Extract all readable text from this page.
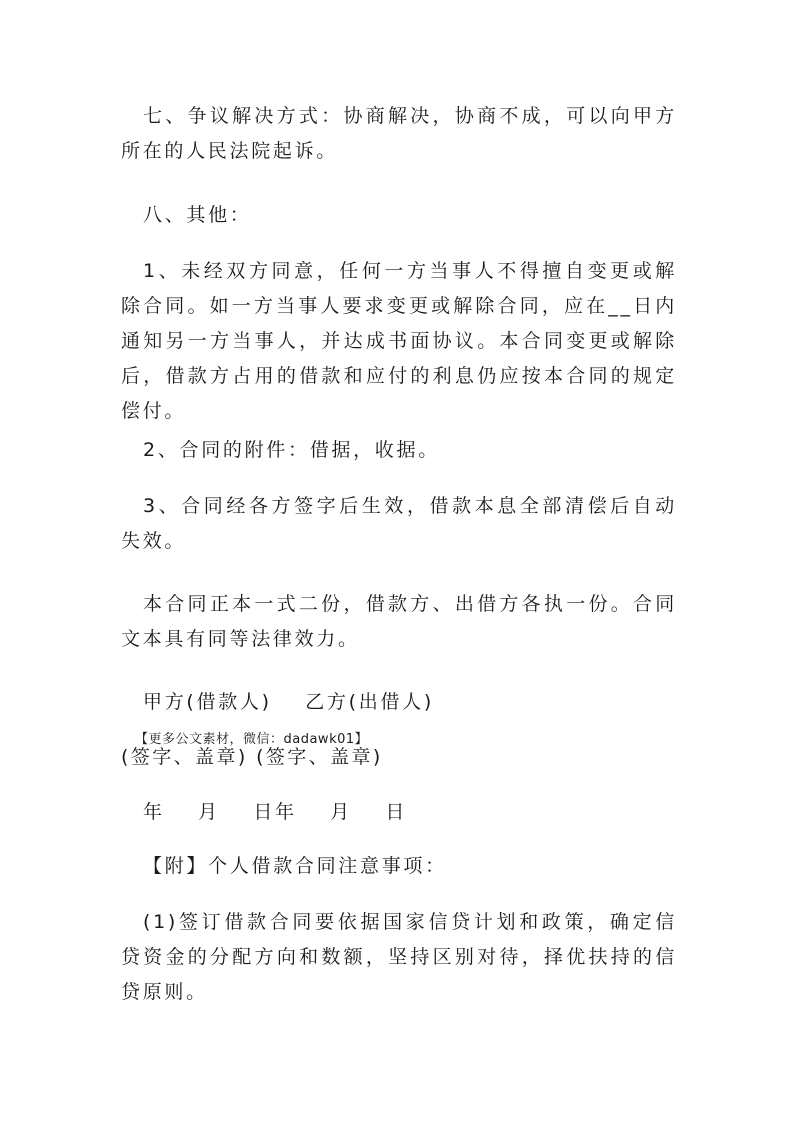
七、争议解决方式：协商解决，协商不成，可以向甲方所在的人民法院起诉。

八、其他：

1、未经双方同意，任何一方当事人不得擅自变更或解除合同。如一方当事人要求变更或解除合同，应在__日内通知另一方当事人，并达成书面协议。本合同变更或解除后，借款方占用的借款和应付的利息仍应按本合同的规定偿付。

2、合同的附件：借据，收据。

3、合同经各方签字后生效，借款本息全部清偿后自动失效。

本合同正本一式二份，借款方、出借方各执一份。合同文本具有同等法律效力。

甲方(借款人)  乙方(出借人)【更多公文素材，微信：dadawk01】

(签字、盖章) (签字、盖章)

年  月  日年  月  日

【附】个人借款合同注意事项：

(1)签订借款合同要依据国家信贷计划和政策，确定信贷资金的分配方向和数额，坚持区别对待，择优扶持的信贷原则。
